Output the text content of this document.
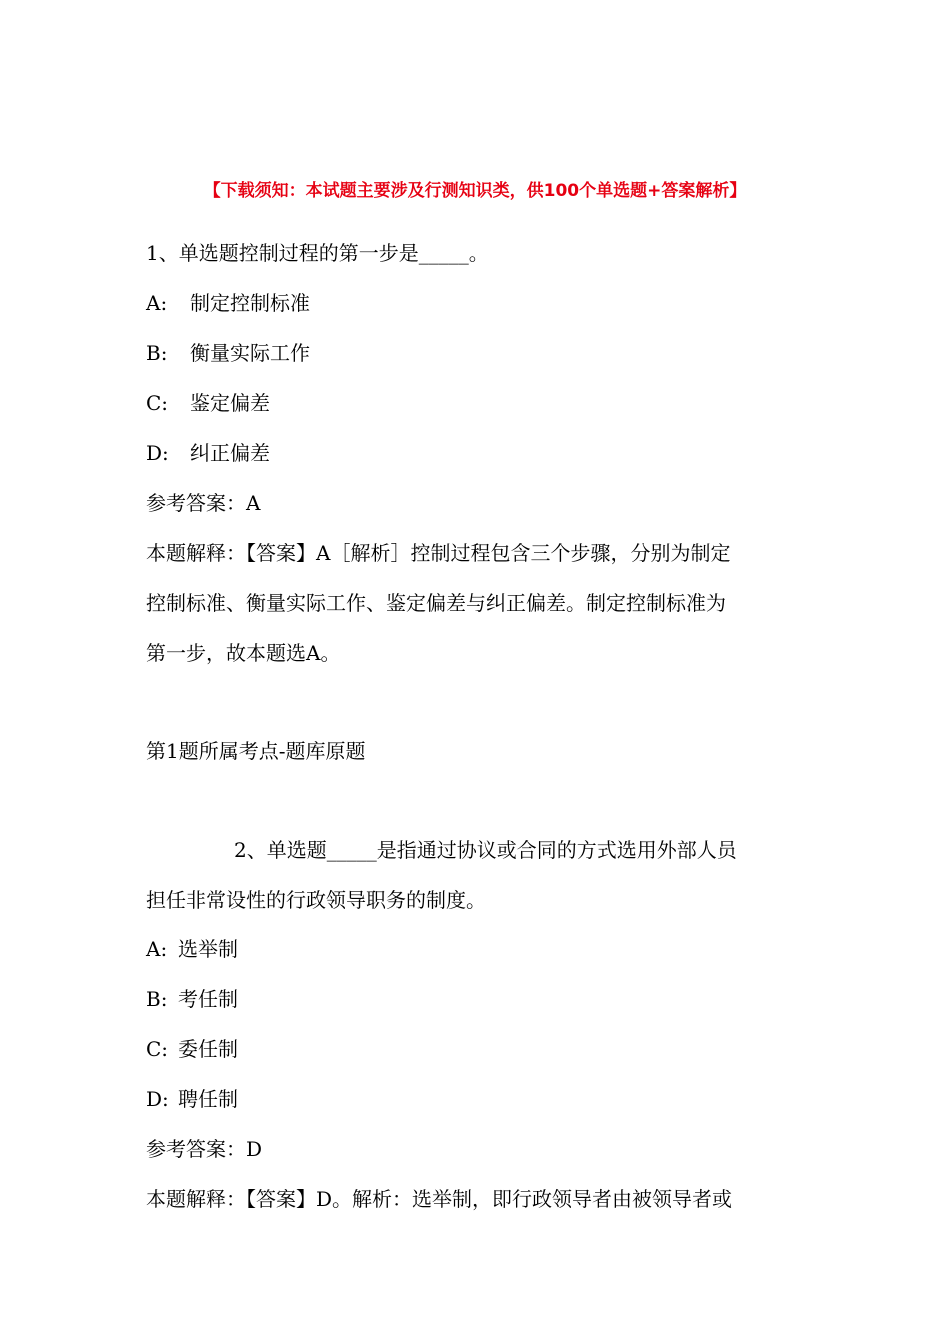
【下载须知：本试题主要涉及行测知识类，供100个单选题+答案解析】
1、单选题控制过程的第一步是_____。
A: 制定控制标准
B: 衡量实际工作
C: 鉴定偏差
D: 纠正偏差
参考答案：A
本题解释：【答案】A［解析］控制过程包含三个步骤，分别为制定
控制标准、衡量实际工作、鉴定偏差与纠正偏差。制定控制标准为
第一步，故本题选A。
第1题所属考点-题库原题
2、单选题_____是指通过协议或合同的方式选用外部人员
担任非常设性的行政领导职务的制度。
A: 选举制
B: 考任制
C: 委任制
D: 聘任制
参考答案：D
本题解释：【答案】D。解析：选举制，即行政领导者由被领导者或
